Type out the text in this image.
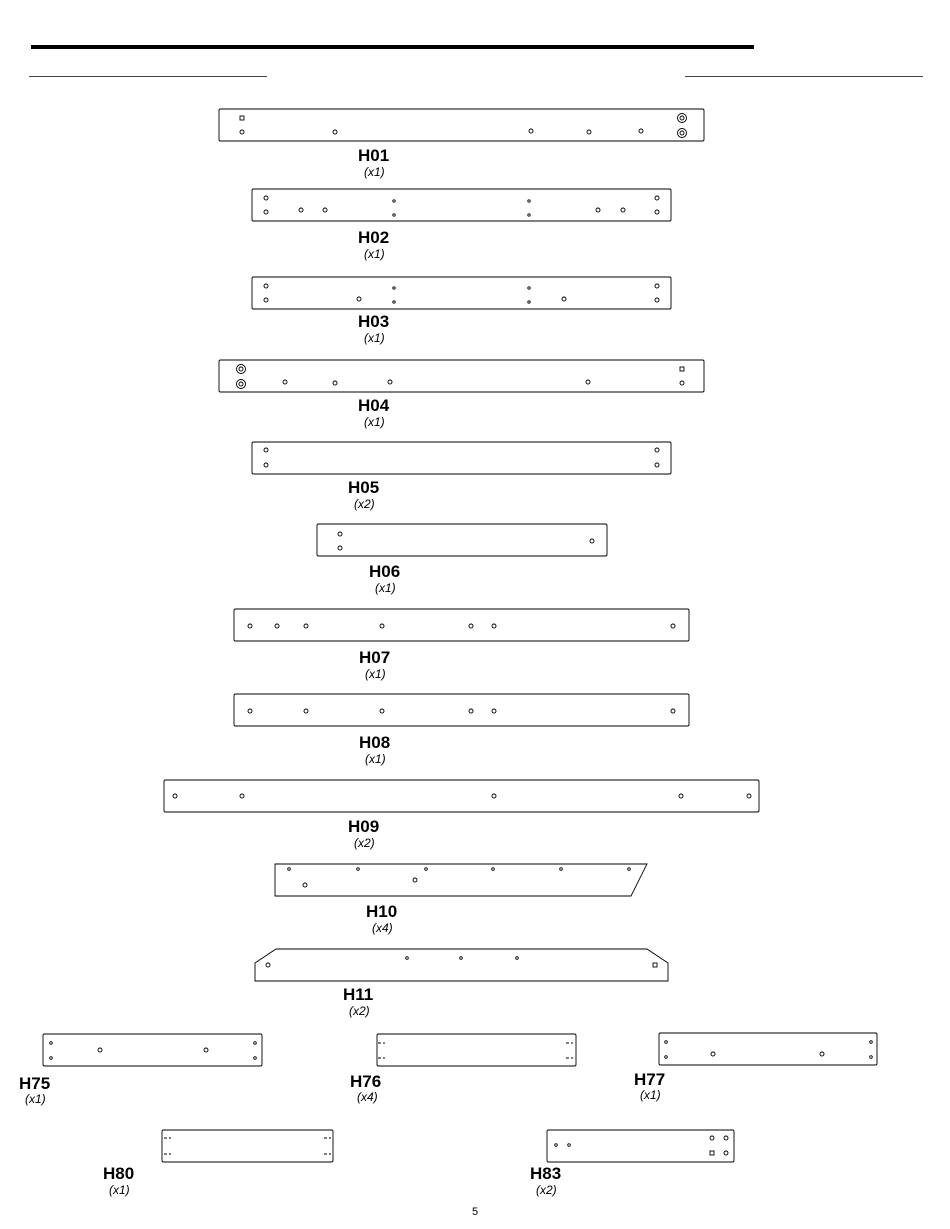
H01
(x1)
H02
(x1)
H03
(x1)
H04
(x1)
H05
(x2)
H06
(x1)
H07
(x1)
H08
(x1)
H09
(x2)
H10
(x4)
H11
(x2)
H75
(x1)
H76
(x4)
H77
(x1)
H80
(x1)
H83
(x2)
5
